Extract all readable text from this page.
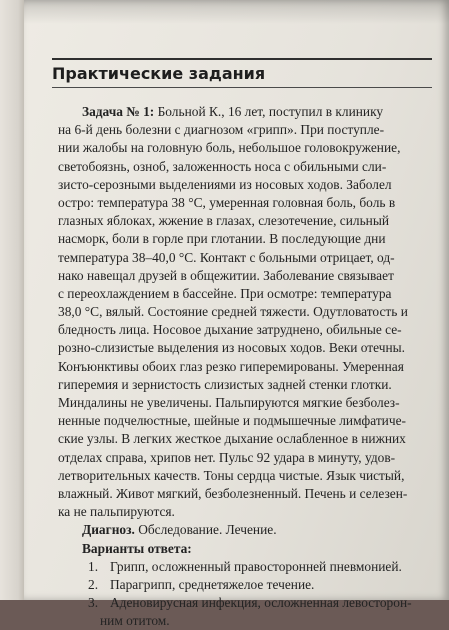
Практические задания
Задача № 1: Больной К., 16 лет, поступил в клинику
на 6-й день болезни с диагнозом «грипп». При поступле-
нии жалобы на головную боль, небольшое головокружение,
светобоязнь, озноб, заложенность носа с обильными сли-
зисто-серозными выделениями из носовых ходов. Заболел
остро: температура 38 °C, умеренная головная боль, боль в
глазных яблоках, жжение в глазах, слезотечение, сильный
насморк, боли в горле при глотании. В последующие дни
температура 38–40,0 °C. Контакт с больными отрицает, од-
нако навещал друзей в общежитии. Заболевание связывает
с переохлаждением в бассейне. При осмотре: температура
38,0 °C, вялый. Состояние средней тяжести. Одутловатость и
бледность лица. Носовое дыхание затруднено, обильные се-
розно-слизистые выделения из носовых ходов. Веки отечны.
Конъюнктивы обоих глаз резко гиперемированы. Умеренная
гиперемия и зернистость слизистых задней стенки глотки.
Миндалины не увеличены. Пальпируются мягкие безболез-
ненные подчелюстные, шейные и подмышечные лимфатиче-
ские узлы. В легких жесткое дыхание ослабленное в нижних
отделах справа, хрипов нет. Пульс 92 удара в минуту, удов-
летворительных качеств. Тоны сердца чистые. Язык чистый,
влажный. Живот мягкий, безболезненный. Печень и селезен-
ка не пальпируются.
Диагноз. Обследование. Лечение.
Варианты ответа:
1. Грипп, осложненный правосторонней пневмонией.
2. Парагрипп, среднетяжелое течение.
3. Аденовирусная инфекция, осложненная левосторон-
ним отитом.
